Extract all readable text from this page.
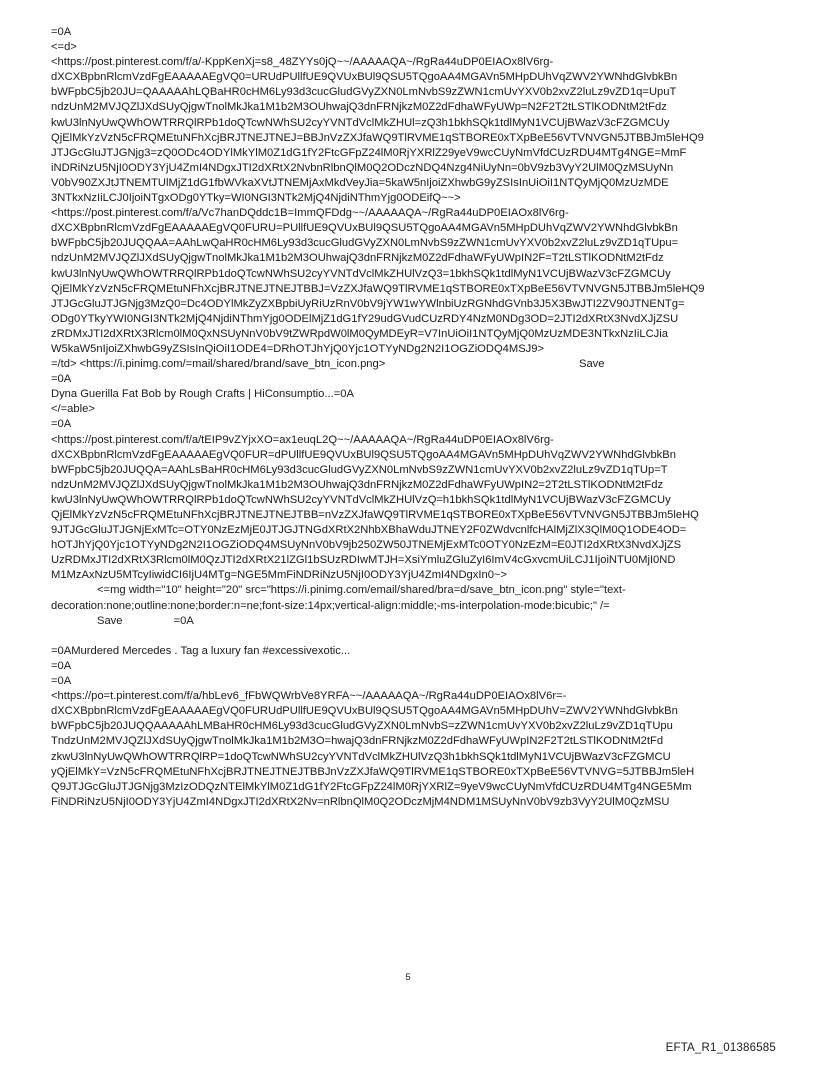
=0A
<=d>
<https://post.pinterest.com/f/a/-KppKenXj=s8_48ZYYs0jQ~~/AAAAAQA~/RgRa44uDP0EIAOx8lV6rg-
dXCXBpbnRlcmVzdFgEAAAAAEgVQ0=URUdPUllfUE9QVUxBUl9QSU5TQgoAA4MGAVn5MHpDUhVqZWV2YWNhdGlvbkBn
bWFpbC5jb20JU=QAAAAAhLQBaHR0cHM6Ly93d3cucGludGVyZXN0LmNvbS9zZWN1cmUvYXV0b2xvZ2luLz9vZD1q=UpuT
ndzUnM2MVJQZlJXdSUyQjgwTnolMkJka1M1b2M3OUhwajQ3dnFRNjkzM0Z2dFdhaWFyUWp=N2F2T2tLSTlKODNtM2tFdz
kwU3lnNyUwQWhOWTRRQlRPb1doQTcwNWhSU2cyYVNTdVclMkZHUl=zQ3h1bkhSQk1tdlMyN1VCUjBWazV3cFZGMCUy
QjElMkYzVzN5cFRQMEtuNFhXcjBRJTNEJTNEJ=BBJnVzZXJfaWQ9TlRVME1qSTBORE0xTXpBeE56VTVNVGN5JTBBJm5leHQ9
JTJGcGluJTJGNjg3=zQ0ODc4ODYlMkYlM0Z1dG1fY2FtcGFpZ24lM0RjYXRlZ29yeV9wcCUyNmVfdCUzRDU4MTg4NGE=MmF
iNDRiNzU5NjI0ODY3YjU4ZmI4NDgxJTI2dXRtX2NvbnRlbnQlM0Q2ODczNDQ4Nzg4NiUyNn=0bV9zb3VyY2UlM0QzMSUyNn
V0bV90ZXJtJTNEMTUlMjZ1dG1fbWVkaXVtJTNEMjAxMkdVeyJia=5kaW5nIjoiZXhwbG9yZSIsInUiOiI1NTQyMjQ0MzUzMDE
3NTkxNzIiLCJ0IjoiNTgxODg0YTky=WI0NGI3NTk2MjQ4NjdiNThmYjg0ODEifQ~~>
<https://post.pinterest.com/f/a/Vc7hanDQddc1B=ImmQFDdg~~/AAAAAQA~/RgRa44uDP0EIAOx8lV6rg-
dXCXBpbnRlcmVzdFgEAAAAAEgVQ0FURU=PUllfUE9QVUxBUl9QSU5TQgoAA4MGAVn5MHpDUhVqZWV2YWNhdGlvbkBn
bWFpbC5jb20JUQQAA=AAhLwQaHR0cHM6Ly93d3cucGludGVyZXN0LmNvbS9zZWN1cmUvYXV0b2xvZ2luLz9vZD1qTUpu=
ndzUnM2MVJQZlJXdSUyQjgwTnolMkJka1M1b2M3OUhwajQ3dnFRNjkzM0Z2dFdhaWFyUWpIN2F=T2tLSTlKODNtM2tFdz
kwU3lnNyUwQWhOWTRRQlRPb1doQTcwNWhSU2cyYVNTdVclMkZHUlVzQ3=1bkhSQk1tdlMyN1VCUjBWazV3cFZGMCUy
QjElMkYzVzN5cFRQMEtuNFhXcjBRJTNEJTNEJTBBJ=VzZXJfaWQ9TlRVME1qSTBORE0xTXpBeE56VTVNVGN5JTBBJm5leHQ9
JTJGcGluJTJGNjg3MzQ0=Dc4ODYlMkZyZXBpbiUyRiUzRnV0bV9jYW1wYWlnbiUzRGNhdGVnb3J5X3BwJTI2ZV90JTNENTg=
ODg0YTkyYWI0NGI3NTk2MjQ4NjdiNThmYjg0ODElMjZ1dG1fY29udGVudCUzRDY4NzM0NDg3OD=2JTI2dXRtX3NvdXJjZSU
zRDMxJTI2dXRtX3Rlcm0lM0QxNSUyNnV0bV9tZWRpdW0lM0QyMDEyR=V7InUiOiI1NTQyMjQ0MzUzMDE3NTkxNzIiLCJia
W5kaW5nIjoiZXhwbG9yZSIsInQiOiI1ODE4=DRhOTJhYjQ0Yjc1OTYyNDg2N2I1OGZiODQ4MSJ9>
=/td> <https://i.pinimg.com/=mail/shared/brand/save_btn_icon.png>	Save
=0A
Dyna Guerilla Fat Bob by Rough Crafts | HiConsumptio...=0A
</=able>
=0A
<https://post.pinterest.com/f/a/tEIP9vZYjxXO=ax1euqL2Q~~/AAAAAQA~/RgRa44uDP0EIAOx8lV6rg-
dXCXBpbnRlcmVzdFgEAAAAAEgVQ0FUR=dPUllfUE9QVUxBUl9QSU5TQgoAA4MGAVn5MHpDUhVqZWV2YWNhdGlvbkBn
bWFpbC5jb20JUQQA=AAhLsBaHR0cHM6Ly93d3cucGludGVyZXN0LmNvbS9zZWN1cmUvYXV0b2xvZ2luLz9vZD1qTUp=T
ndzUnM2MVJQZlJXdSUyQjgwTnolMkJka1M1b2M3OUhwajQ3dnFRNjkzM0Z2dFdhaWFyUWpIN2=2T2tLSTlKODNtM2tFdz
kwU3lnNyUwQWhOWTRRQlRPb1doQTcwNWhSU2cyYVNTdVclMkZHUlVzQ=h1bkhSQk1tdlMyN1VCUjBWazV3cFZGMCUy
QjElMkYzVzN5cFRQMEtuNFhXcjBRJTNEJTNEJTBB=nVzZXJfaWQ9TlRVME1qSTBORE0xTXpBeE56VTVNVGN5JTBBJm5leHQ
9JTJGcGluJTJGNjExMTc=OTY0NzEzMjE0JTJGJTNGdXRtX2NhbXBhaWduJTNEY2F0ZWdvcnlfcHAlMjZlX3QlM0Q1ODE4OD=
hOTJhYjQ0Yjc1OTYyNDg2N2I1OGZiODQ4MSUyNnV0bV9jb250ZW50JTNEMjExMTc0OTY0NzEzM=E0JTI2dXRtX3NvdXJjZS
UzRDMxJTI2dXRtX3Rlcm0lM0QzJTI2dXRtX21lZGl1bSUzRDIwMTJH=XsiYmluZGluZyI6ImV4cGxvcmUiLCJ1IjoiNTU0MjI0ND
M1MzAxNzU5MTcyIiwidCI6IjU4MTg=NGE5MmFiNDRiNzU5NjI0ODY3YjU4ZmI4NDgxIn0~>
<=mg width="10" height="20" src="https://i.pinimg.com/email/shared/bra=d/save_btn_icon.png" style="text-
decoration:none;outline:none;border:n=ne;font-size:14px;vertical-align:middle;-ms-interpolation-mode:bicubic;" /=
Save	=0A
=0AMurdered Mercedes . Tag a luxury fan #excessivexotic...
=0A
=0A
<https://po=t.pinterest.com/f/a/hbLev6_fFbWQWrbVe8YRFA~~/AAAAAQA~/RgRa44uDP0EIAOx8lV6r=-
dXCXBpbnRlcmVzdFgEAAAAAEgVQ0FURUdPUllfUE9QVUxBUl9QSU5TQgoAA4MGAVn5MHpDUhV=ZWV2YWNhdGlvbkBn
bWFpbC5jb20JUQQAAAAAhLMBaHR0cHM6Ly93d3cucGludGVyZXN0LmNvbS=zZWN1cmUvYXV0b2xvZ2luLz9vZD1qTUpu
TndzUnM2MVJQZlJXdSUyQjgwTnolMkJka1M1b2M3O=hwajQ3dnFRNjkzM0Z2dFdhaWFyUWpIN2F2T2tLSTlKODNtM2tFd
zkwU3lnNyUwQWhOWTRRQlRP=1doQTcwNWhSU2cyYVNTdVclMkZHUlVzQ3h1bkhSQk1tdlMyN1VCUjBWazV3cFZGMCU
yQjElMkY=VzN5cFRQMEtuNFhXcjBRJTNEJTNEJTBBJnVzZXJfaWQ9TlRVME1qSTBORE0xTXpBeE56VTVNVG=5JTBBJm5leH
Q9JTJGcGluJTJGNjg3MzIzODQzNTElMkYlM0Z1dG1fY2FtcGFpZ24lM0RjYXRlZ=9yeV9wcCUyNmVfdCUzRDU4MTg4NGE5Mm
FiNDRiNzU5NjI0ODY3YjU4ZmI4NDgxJTI2dXRtX2Nv=nRlbnQlM0Q2ODczMjM4NDM1MSUyNnV0bV9zb3VyY2UlM0QzMSU
5
EFTA_R1_01386585
